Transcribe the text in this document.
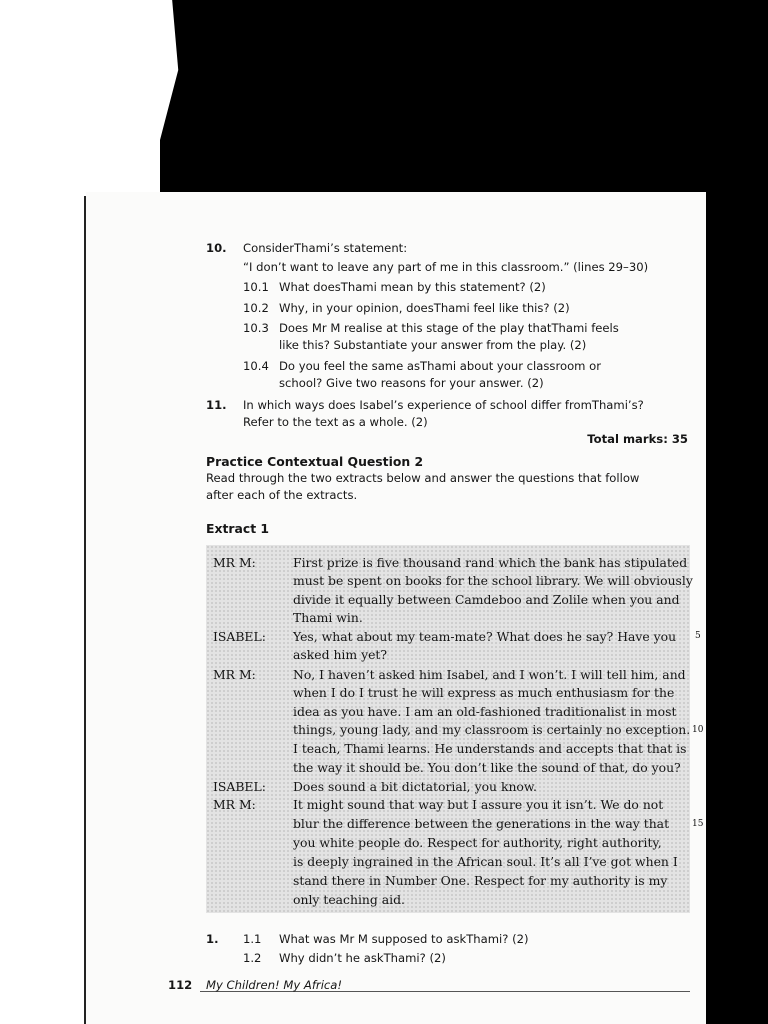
10. ConsiderThami’s statement:
“I don’t want to leave any part of me in this classroom.” (lines 29–30)
10.1 What doesThami mean by this statement? (2)
10.2 Why, in your opinion, doesThami feel like this? (2)
10.3 Does Mr M realise at this stage of the play thatThami feels
like this? Substantiate your answer from the play. (2)
10.4 Do you feel the same asThami about your classroom or
school? Give two reasons for your answer. (2)
11. In which ways does Isabel’s experience of school differ fromThami’s?
Refer to the text as a whole. (2)
Total marks: 35
Practice Contextual Question 2
Read through the two extracts below and answer the questions that follow
after each of the extracts.
Extract 1
MR M:	First prize is five thousand rand which the bank has stipulated
must be spent on books for the school library. We will obviously
divide it equally between Camdeboo and Zolile when you and
Thami win.
ISABEL: Yes, what about my team-mate? What does he say? Have you
asked him yet?
MR M:	No, I haven’t asked him Isabel, and I won’t. I will tell him, and
when I do I trust he will express as much enthusiasm for the
idea as you have. I am an old-fashioned traditionalist in most
things, young lady, and my classroom is certainly no exception.
I teach, Thami learns. He understands and accepts that that is
the way it should be. You don’t like the sound of that, do you?
ISABEL: Does sound a bit dictatorial, you know.
MR M:	It might sound that way but I assure you it isn’t. We do not
blur the difference between the generations in the way that
you white people do. Respect for authority, right authority,
is deeply ingrained in the African soul. It’s all I’ve got when I
stand there in Number One. Respect for my authority is my
only teaching aid.
5
10
15
1. 1.1 What was Mr M supposed to askThami? (2)
1.2 Why didn’t he askThami? (2)
112 My Children! My Africa!
